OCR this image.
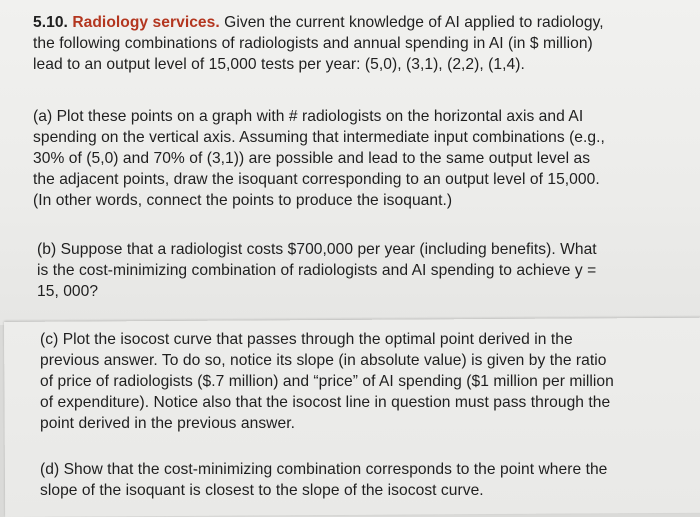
5.10. Radiology services. Given the current knowledge of AI applied to radiology,
the following combinations of radiologists and annual spending in AI (in $ million)
lead to an output level of 15,000 tests per year: (5,0), (3,1), (2,2), (1,4).
(a) Plot these points on a graph with # radiologists on the horizontal axis and AI
spending on the vertical axis. Assuming that intermediate input combinations (e.g.,
30% of (5,0) and 70% of (3,1)) are possible and lead to the same output level as
the adjacent points, draw the isoquant corresponding to an output level of 15,000.
(In other words, connect the points to produce the isoquant.)
(b) Suppose that a radiologist costs $700,000 per year (including benefits). What
is the cost-minimizing combination of radiologists and AI spending to achieve y =
15, 000?
(c) Plot the isocost curve that passes through the optimal point derived in the
previous answer. To do so, notice its slope (in absolute value) is given by the ratio
of price of radiologists ($.7 million) and “price” of AI spending ($1 million per million
of expenditure). Notice also that the isocost line in question must pass through the
point derived in the previous answer.
(d) Show that the cost-minimizing combination corresponds to the point where the
slope of the isoquant is closest to the slope of the isocost curve.
